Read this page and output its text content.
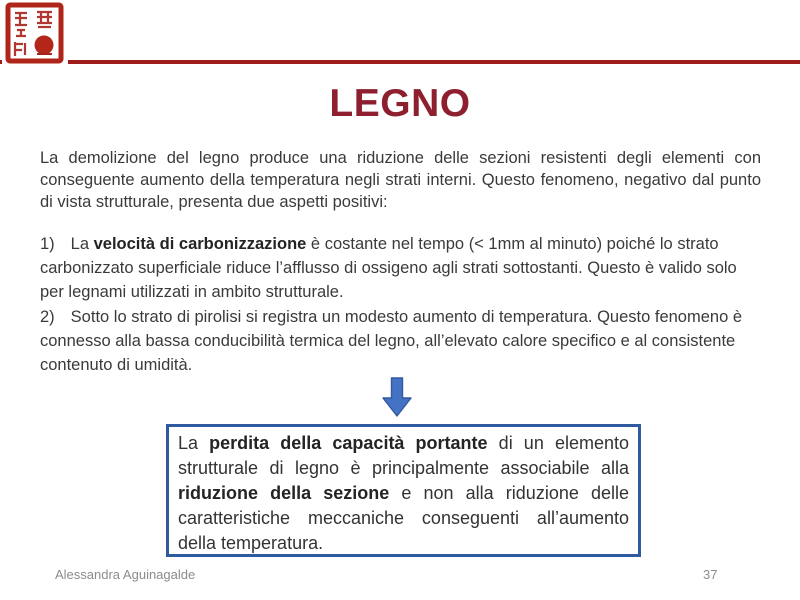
LEGNO
La demolizione del legno produce una riduzione delle sezioni resistenti degli elementi con conseguente aumento della temperatura negli strati interni. Questo fenomeno, negativo dal punto di vista strutturale, presenta due aspetti positivi:
1) La velocità di carbonizzazione è costante nel tempo (< 1mm al minuto) poiché lo strato carbonizzato superficiale riduce l’afflusso di ossigeno agli strati sottostanti. Questo è valido solo per legnami utilizzati in ambito strutturale.
2) Sotto lo strato di pirolisi si registra un modesto aumento di temperatura. Questo fenomeno è connesso alla bassa conducibilità termica del legno, all’elevato calore specifico e al consistente contenuto di umidità.
La perdita della capacità portante di un elemento strutturale di legno è principalmente associabile alla riduzione della sezione e non alla riduzione delle caratteristiche meccaniche conseguenti all’aumento della temperatura.
Alessandra Aguinagalde	37
